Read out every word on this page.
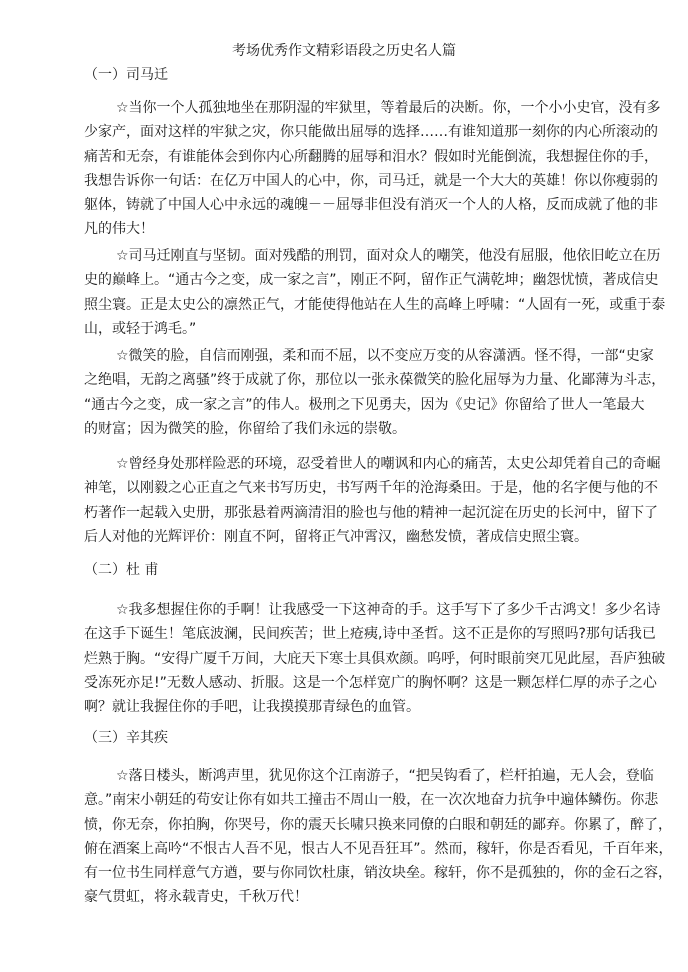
考场优秀作文精彩语段之历史名人篇
（一）司马迁
☆当你一个人孤独地坐在那阴湿的牢狱里，等着最后的决断。你，一个小小史官，没有多
少家产，面对这样的牢狱之灾，你只能做出屈辱的选择……有谁知道那一刻你的内心所滚动的
痛苦和无奈，有谁能体会到你内心所翻腾的屈辱和泪水？假如时光能倒流，我想握住你的手，
我想告诉你一句话：在亿万中国人的心中，你，司马迁，就是一个大大的英雄！你以你瘦弱的
躯体，铸就了中国人心中永远的魂魄－－屈辱非但没有消灭一个人的人格，反而成就了他的非
凡的伟大！
☆司马迁刚直与坚韧。面对残酷的刑罚，面对众人的嘲笑，他没有屈服，他依旧屹立在历
史的巅峰上。“通古今之变，成一家之言”，刚正不阿，留作正气满乾坤；幽怨忧愤，著成信史
照尘寰。正是太史公的凛然正气，才能使得他站在人生的高峰上呼啸：“人固有一死，或重于泰
山，或轻于鸿毛。”
☆微笑的脸，自信而刚强，柔和而不屈，以不变应万变的从容潇洒。怪不得，一部“史家
之绝唱，无韵之离骚”终于成就了你，那位以一张永葆微笑的脸化屈辱为力量、化鄙薄为斗志，
“通古今之变，成一家之言”的伟人。极刑之下见勇夫，因为《史记》你留给了世人一笔最大
的财富；因为微笑的脸，你留给了我们永远的崇敬。
☆曾经身处那样险恶的环境，忍受着世人的嘲讽和内心的痛苦，太史公却凭着自己的奇崛
神笔，以刚毅之心正直之气来书写历史，书写两千年的沧海桑田。于是，他的名字便与他的不
朽著作一起载入史册，那张悬着两滴清泪的脸也与他的精神一起沉淀在历史的长河中，留下了
后人对他的光辉评价：刚直不阿，留将正气冲霄汉，幽愁发愤，著成信史照尘寰。
（二）杜 甫
☆我多想握住你的手啊！让我感受一下这神奇的手。这手写下了多少千古鸿文！多少名诗
在这手下诞生！笔底波澜，民间疾苦；世上疮痍,诗中圣哲。这不正是你的写照吗?那句话我已
烂熟于胸。“安得广厦千万间，大庇天下寒士具俱欢颜。呜呼，何时眼前突兀见此屋，吾庐独破
受冻死亦足!”无数人感动、折服。这是一个怎样宽广的胸怀啊？这是一颗怎样仁厚的赤子之心
啊？就让我握住你的手吧，让我摸摸那青绿色的血管。
（三）辛其疾
☆落日楼头，断鸿声里，犹见你这个江南游子，“把吴钩看了，栏杆拍遍，无人会，登临
意。”南宋小朝廷的苟安让你有如共工撞击不周山一般，在一次次地奋力抗争中遍体鳞伤。你悲
愤，你无奈，你拍胸，你哭号，你的震天长啸只换来同僚的白眼和朝廷的鄙弃。你累了，醉了，
俯在酒案上高吟“不恨古人吾不见，恨古人不见吾狂耳”。然而，稼轩，你是否看见，千百年来，
有一位书生同样意气方遒，要与你同饮杜康，销汝块垒。稼轩，你不是孤独的，你的金石之容，
豪气贯虹，将永载青史，千秋万代！
